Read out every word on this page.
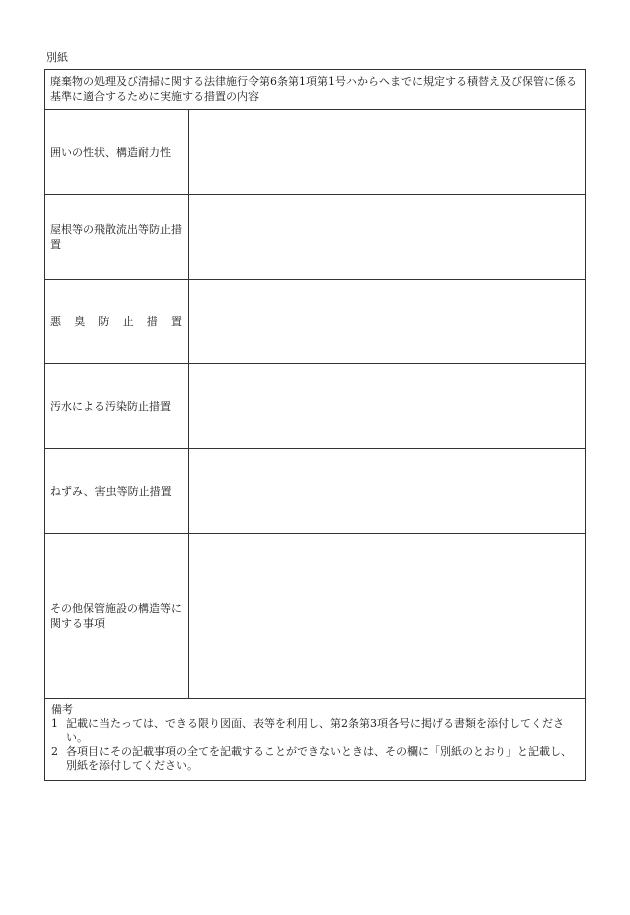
別紙
廃棄物の処理及び清掃に関する法律施行令第6条第1項第1号ハからヘまでに規定する積替え及び保管に係る基準に適合するために実施する措置の内容
囲いの性状、構造耐力性
屋根等の飛散流出等防止措置
悪 臭 防 止 措 置
汚水による汚染防止措置
ねずみ、害虫等防止措置
その他保管施設の構造等に関する事項
備考
1 記載に当たっては、できる限り図面、表等を利用し、第2条第3項各号に掲げる書類を添付してください。
2 各項目にその記載事項の全てを記載することができないときは、その欄に「別紙のとおり」と記載し、別紙を添付してください。
